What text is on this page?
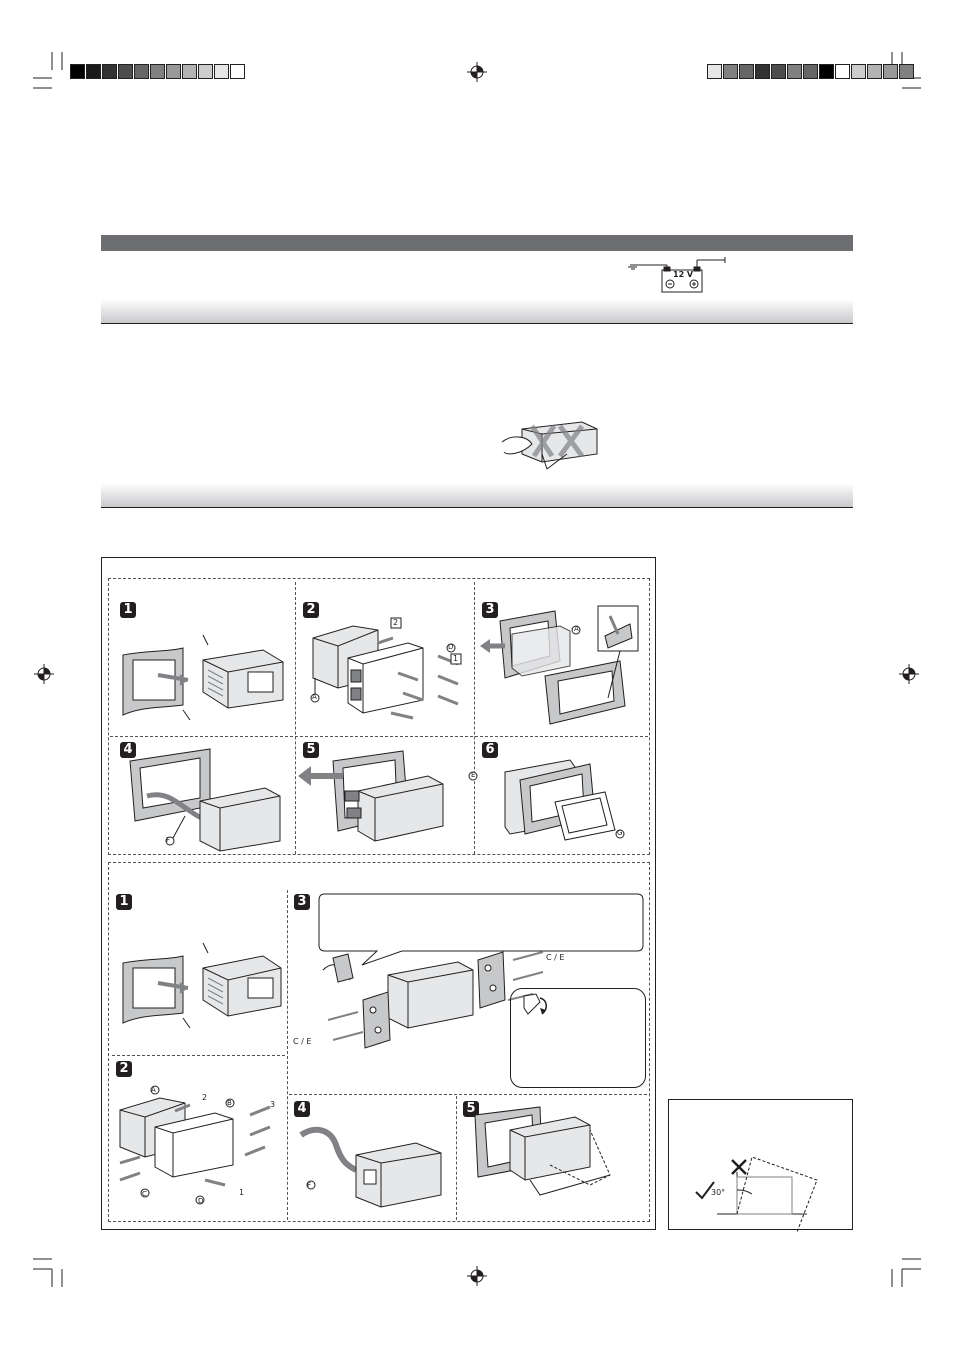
12 V
1	2	3
4	5	6
1
2
3
4	5
2
1
D
A
A
F
E
G
A
2
B	3
C
D
1
C / E
C / E
F
30°
